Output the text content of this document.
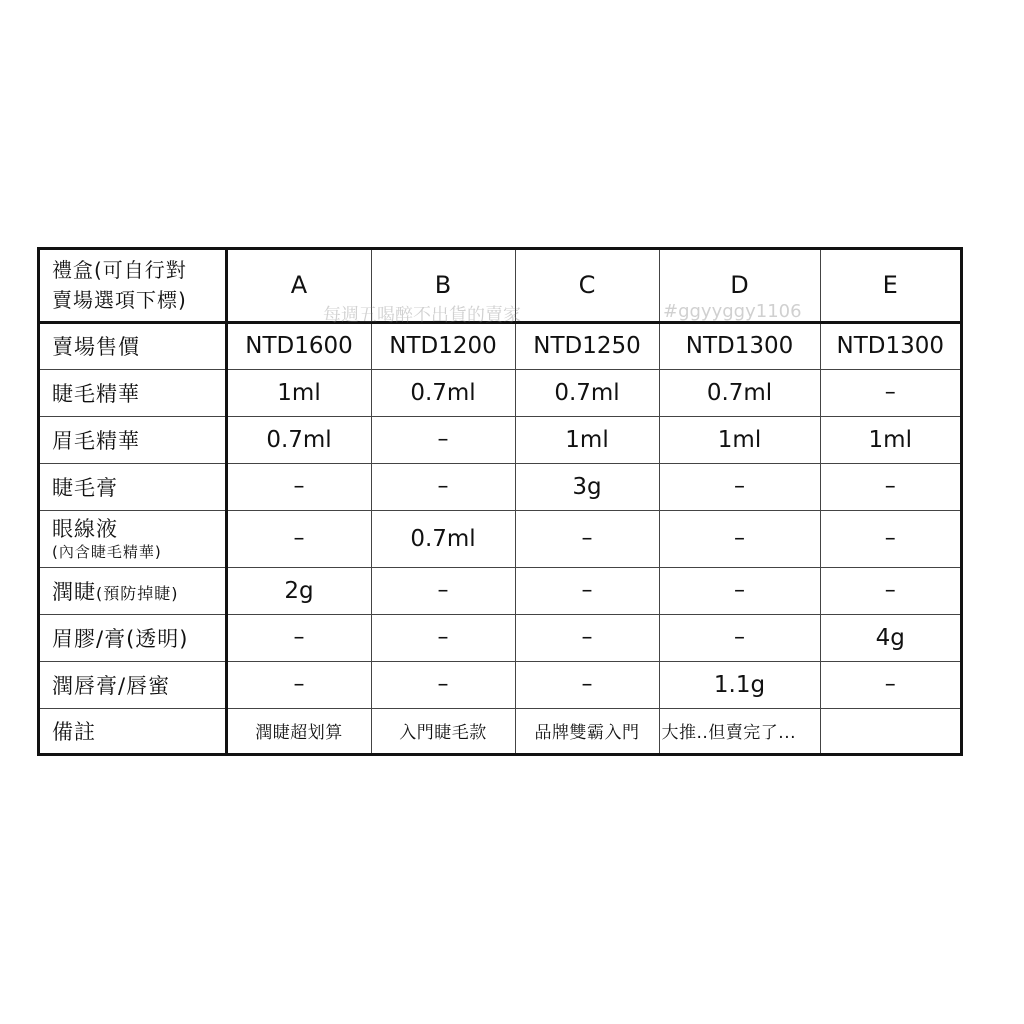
禮盒(可自行對
賣場選項下標)	A	B	C	D	E
賣場售價	NTD1600	NTD1200	NTD1250	NTD1300	NTD1300
睫毛精華	1ml	0.7ml	0.7ml	0.7ml	–
眉毛精華	0.7ml	–	1ml	1ml	1ml
睫毛膏	–	–	3g	–	–

眼線液
(內含睫毛精華)	–	0.7ml	–	–	–
潤睫(預防掉睫)	2g	–	–	–	–
眉膠/膏(透明)	–	–	–	–	4g
潤唇膏/唇蜜	–	–	–	1.1g	–
備註	潤睫超划算	入門睫毛款	品牌雙霸入門	大推..但賣完了...	
每週五喝醉不出貨的賣家	#ggyyggy1106
